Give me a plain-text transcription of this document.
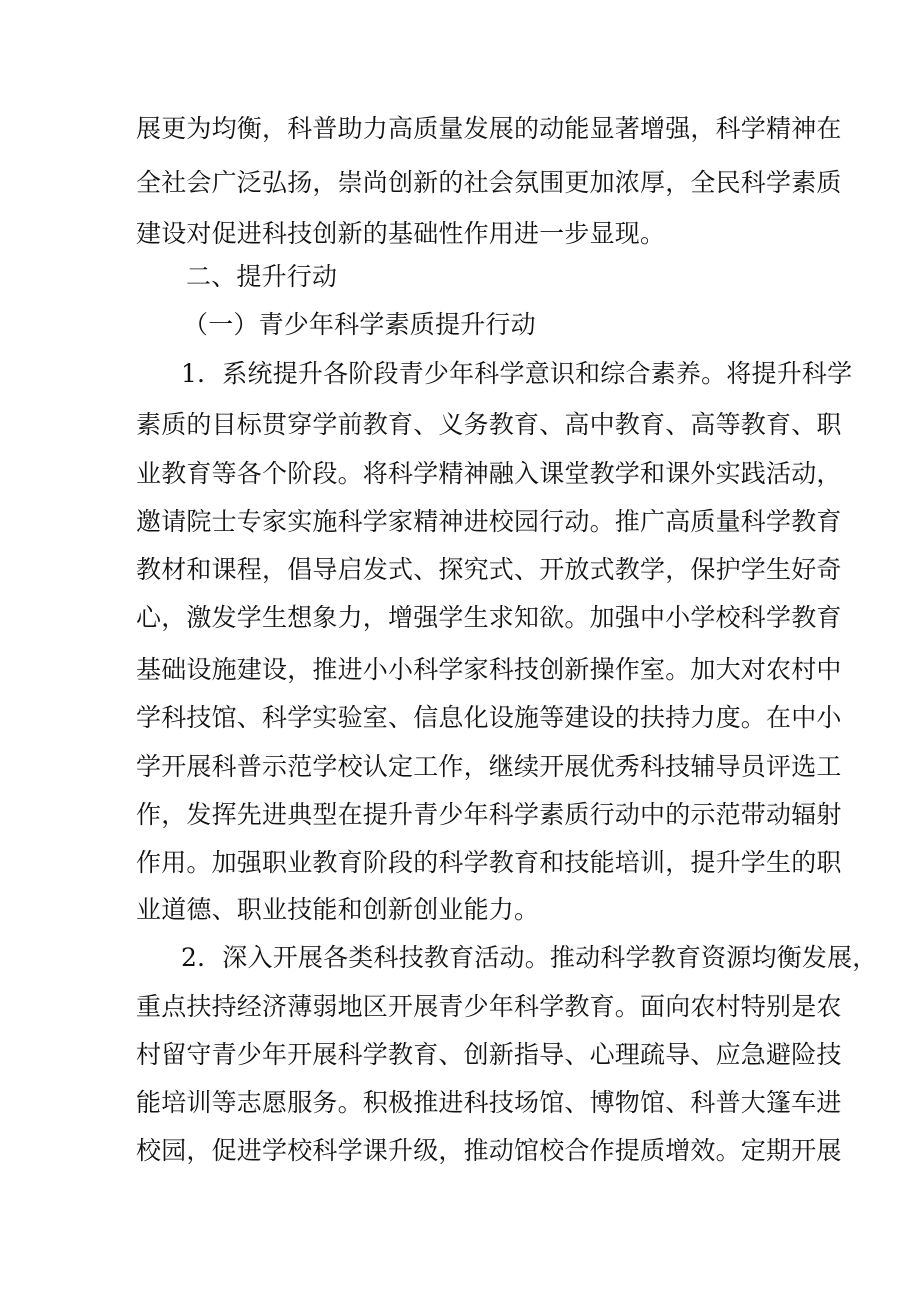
展更为均衡，科普助力高质量发展的动能显著增强，科学精神在
全社会广泛弘扬，崇尚创新的社会氛围更加浓厚，全民科学素质
建设对促进科技创新的基础性作用进一步显现。
二、提升行动
（一）青少年科学素质提升行动
1．系统提升各阶段青少年科学意识和综合素养。将提升科学
素质的目标贯穿学前教育、义务教育、高中教育、高等教育、职
业教育等各个阶段。将科学精神融入课堂教学和课外实践活动，
邀请院士专家实施科学家精神进校园行动。推广高质量科学教育
教材和课程，倡导启发式、探究式、开放式教学，保护学生好奇
心，激发学生想象力，增强学生求知欲。加强中小学校科学教育
基础设施建设，推进小小科学家科技创新操作室。加大对农村中
学科技馆、科学实验室、信息化设施等建设的扶持力度。在中小
学开展科普示范学校认定工作，继续开展优秀科技辅导员评选工
作，发挥先进典型在提升青少年科学素质行动中的示范带动辐射
作用。加强职业教育阶段的科学教育和技能培训，提升学生的职
业道德、职业技能和创新创业能力。
2．深入开展各类科技教育活动。推动科学教育资源均衡发展，
重点扶持经济薄弱地区开展青少年科学教育。面向农村特别是农
村留守青少年开展科学教育、创新指导、心理疏导、应急避险技
能培训等志愿服务。积极推进科技场馆、博物馆、科普大篷车进
校园，促进学校科学课升级，推动馆校合作提质增效。定期开展
